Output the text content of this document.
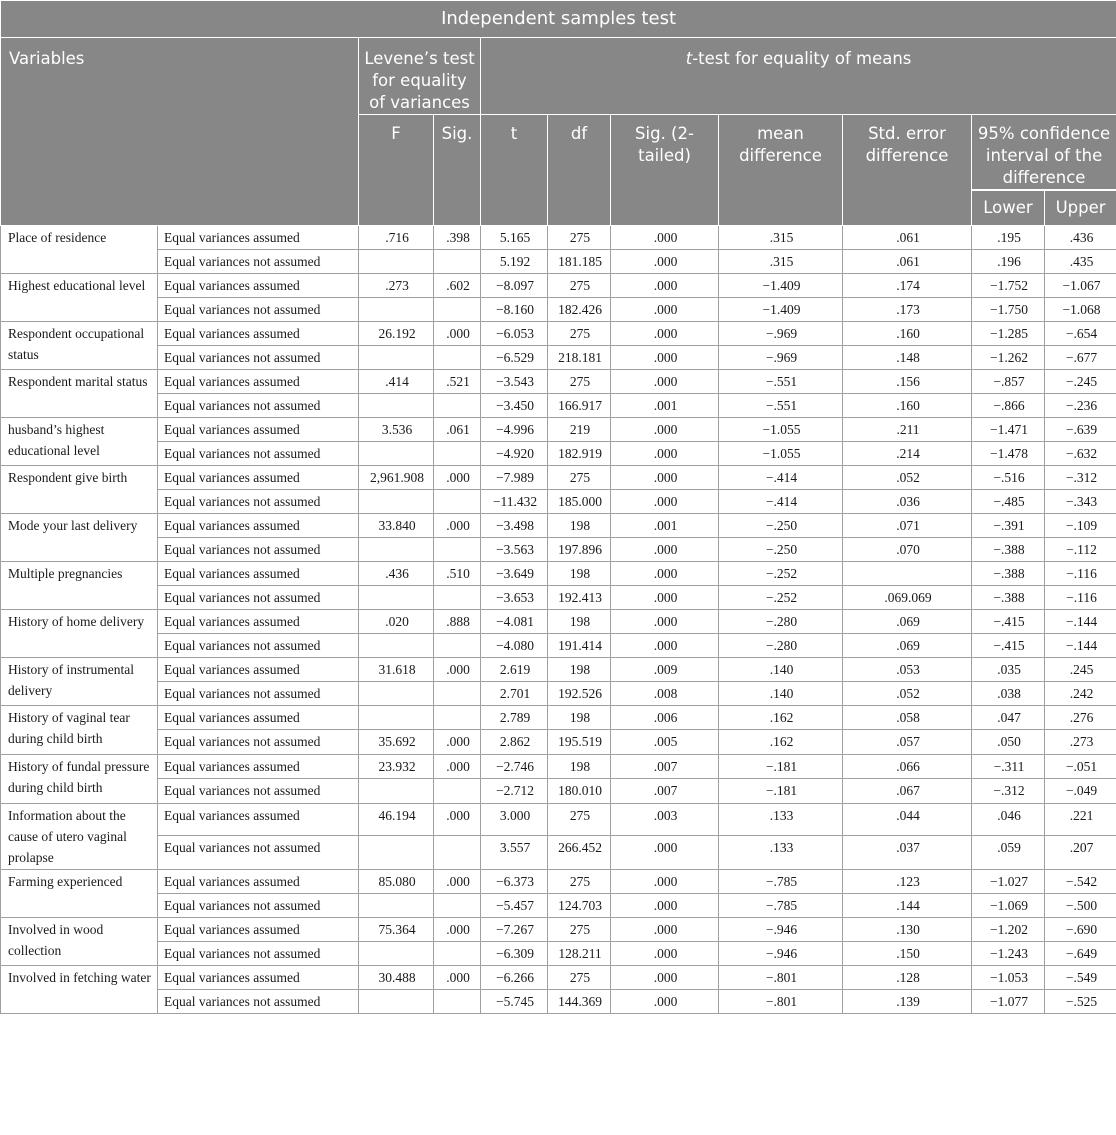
Independent samples test										
Variables		Levene’s test for equality of variances		t-test for equality of means						
		F	Sig.	t	df	Sig. (2-tailed)	mean difference	Std. error difference	95% confidence interval of the difference	
									Lower	Upper
Place of residence	Equal variances assumed	.716	.398	5.165	275	.000	.315	.061	.195	.436
	Equal variances not assumed			5.192	181.185	.000	.315	.061	.196	.435
Highest educational level	Equal variances assumed	.273	.602	−8.097	275	.000	−1.409	.174	−1.752	−1.067
	Equal variances not assumed			−8.160	182.426	.000	−1.409	.173	−1.750	−1.068
Respondent occupational status	Equal variances assumed	26.192	.000	−6.053	275	.000	−.969	.160	−1.285	−.654
	Equal variances not assumed			−6.529	218.181	.000	−.969	.148	−1.262	−.677
Respondent marital status	Equal variances assumed	.414	.521	−3.543	275	.000	−.551	.156	−.857	−.245
	Equal variances not assumed			−3.450	166.917	.001	−.551	.160	−.866	−.236
husband’s highest educational level	Equal variances assumed	3.536	.061	−4.996	219	.000	−1.055	.211	−1.471	−.639
	Equal variances not assumed			−4.920	182.919	.000	−1.055	.214	−1.478	−.632
Respondent give birth	Equal variances assumed	2,961.908	.000	−7.989	275	.000	−.414	.052	−.516	−.312
	Equal variances not assumed			−11.432	185.000	.000	−.414	.036	−.485	−.343
Mode your last delivery	Equal variances assumed	33.840	.000	−3.498	198	.001	−.250	.071	−.391	−.109
	Equal variances not assumed			−3.563	197.896	.000	−.250	.070	−.388	−.112
Multiple pregnancies	Equal variances assumed	.436	.510	−3.649	198	.000	−.252		−.388	−.116
	Equal variances not assumed			−3.653	192.413	.000	−.252	.069.069	−.388	−.116
History of home delivery	Equal variances assumed	.020	.888	−4.081	198	.000	−.280	.069	−.415	−.144
	Equal variances not assumed			−4.080	191.414	.000	−.280	.069	−.415	−.144
History of instrumental delivery	Equal variances assumed	31.618	.000	2.619	198	.009	.140	.053	.035	.245
	Equal variances not assumed			2.701	192.526	.008	.140	.052	.038	.242
History of vaginal tear during child birth	Equal variances assumed			2.789	198	.006	.162	.058	.047	.276
	Equal variances not assumed	35.692	.000	2.862	195.519	.005	.162	.057	.050	.273
History of fundal pressure during child birth	Equal variances assumed	23.932	.000	−2.746	198	.007	−.181	.066	−.311	−.051
	Equal variances not assumed			−2.712	180.010	.007	−.181	.067	−.312	−.049
Information about the cause of utero vaginal prolapse	Equal variances assumed	46.194	.000	3.000	275	.003	.133	.044	.046	.221
	Equal variances not assumed			3.557	266.452	.000	.133	.037	.059	.207
Farming experienced	Equal variances assumed	85.080	.000	−6.373	275	.000	−.785	.123	−1.027	−.542
	Equal variances not assumed			−5.457	124.703	.000	−.785	.144	−1.069	−.500
Involved in wood collection	Equal variances assumed	75.364	.000	−7.267	275	.000	−.946	.130	−1.202	−.690
	Equal variances not assumed			−6.309	128.211	.000	−.946	.150	−1.243	−.649
Involved in fetching water	Equal variances assumed	30.488	.000	−6.266	275	.000	−.801	.128	−1.053	−.549
	Equal variances not assumed			−5.745	144.369	.000	−.801	.139	−1.077	−.525
